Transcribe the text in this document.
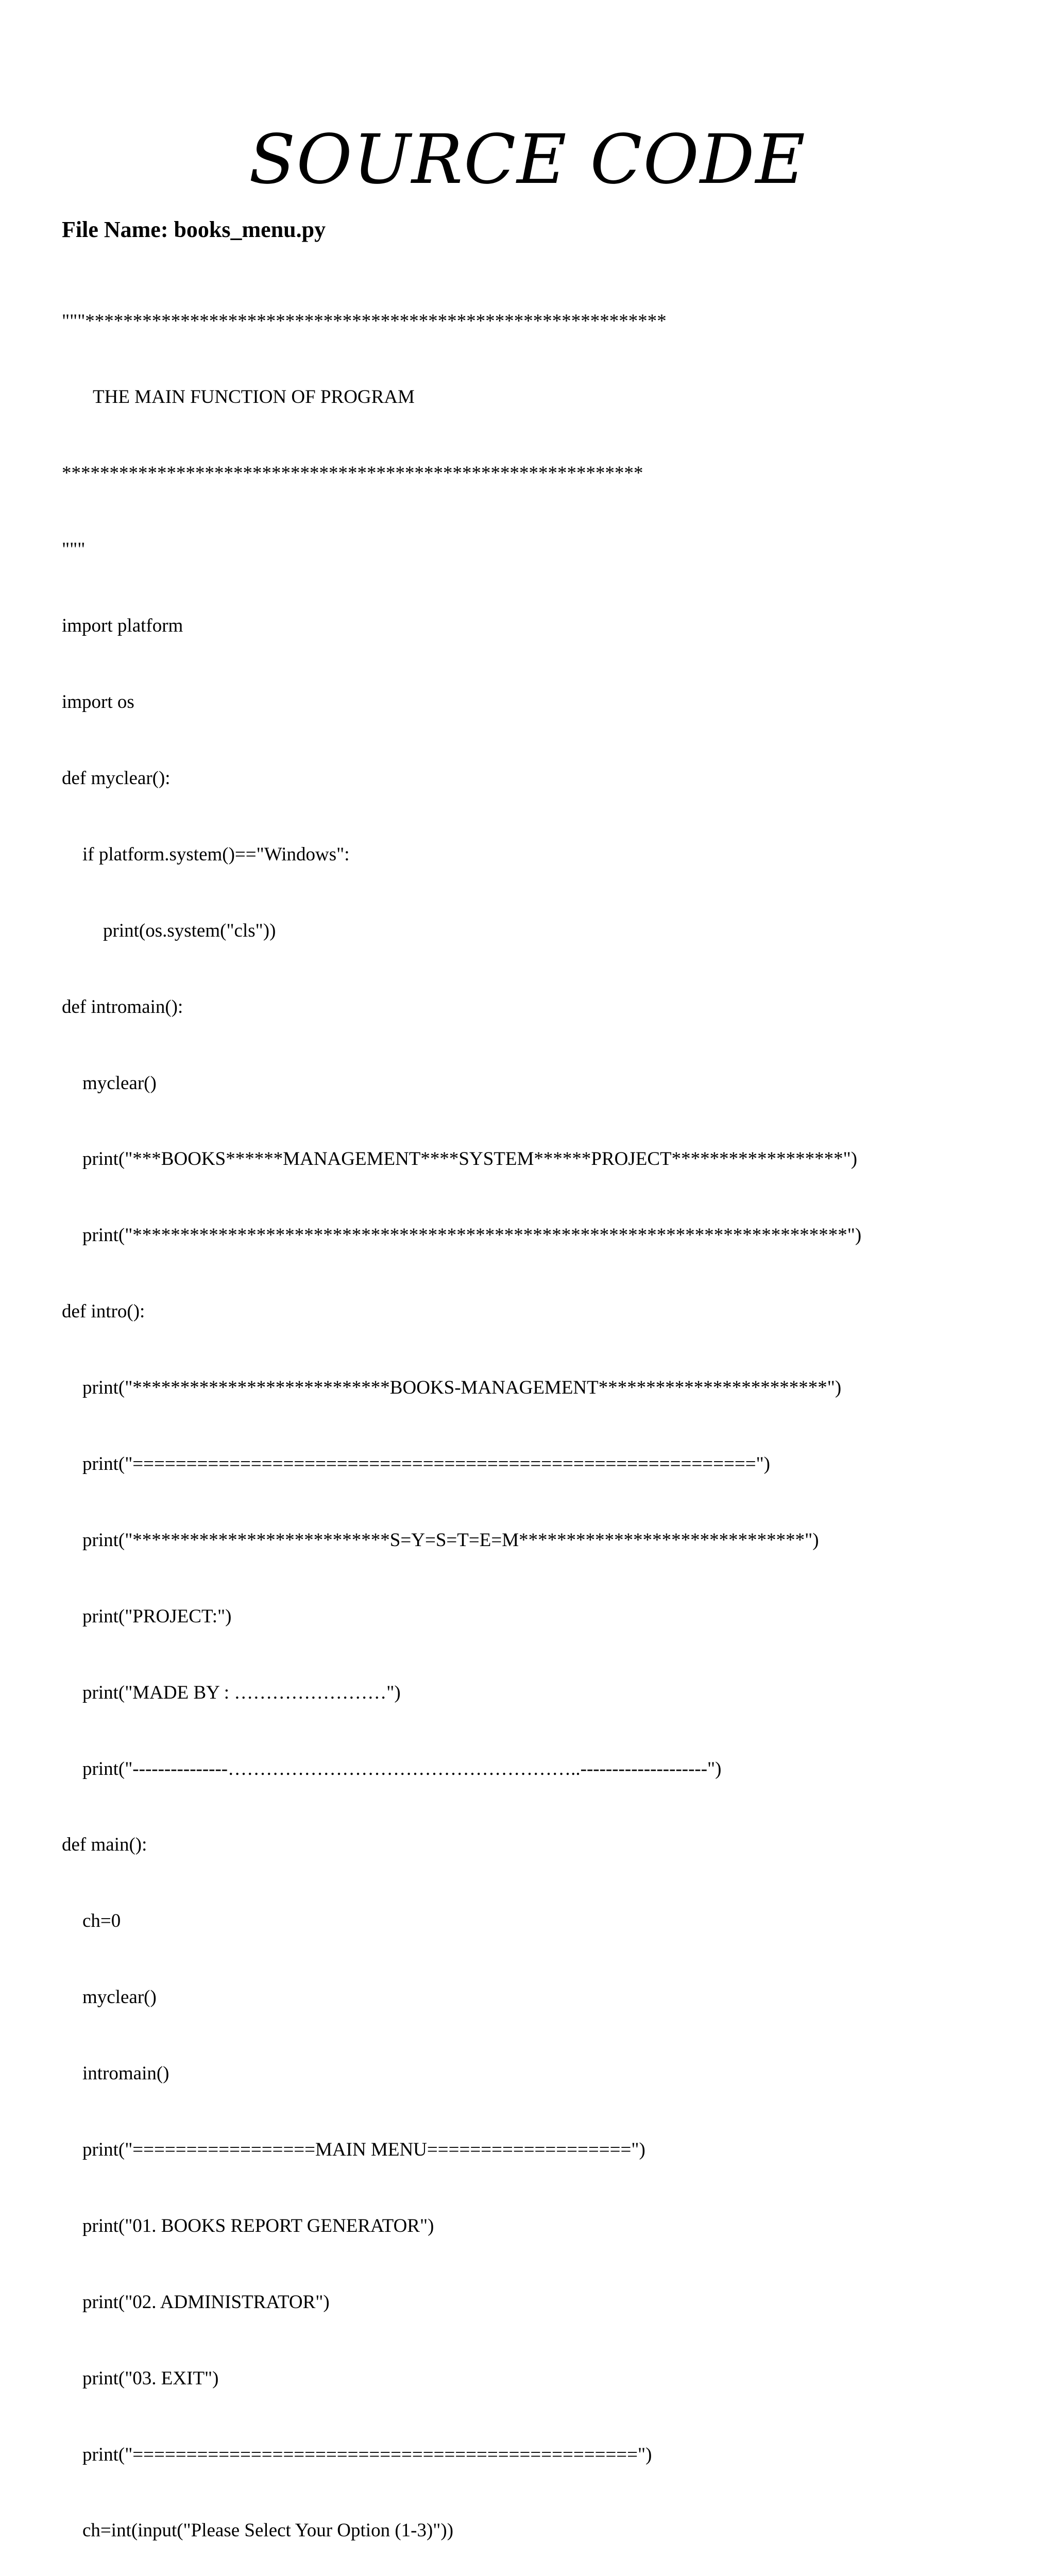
SOURCE CODE
File Name: books_menu.py

"""*************************************************************

THE MAIN FUNCTION OF PROGRAM

*************************************************************

"""

import platform

import os

def myclear():

if platform.system()=="Windows":

print(os.system("cls"))

def intromain():

myclear()

print("***BOOKS******MANAGEMENT****SYSTEM******PROJECT******************")

print("***************************************************************************")

def intro():

print("***************************BOOKS-MANAGEMENT************************")

print("==========================================================")

print("***************************S=Y=S=T=E=M******************************")

print("PROJECT:")

print("MADE BY : ……………………")

print("---------------………………………………………………..--------------------")

def main():

ch=0

myclear()

intromain()

print("=================MAIN MENU===================")

print("01. BOOKS REPORT GENERATOR")

print("02. ADMINISTRATOR")

print("03. EXIT")

print("===============================================")

ch=int(input("Please Select Your Option (1-3)"))
